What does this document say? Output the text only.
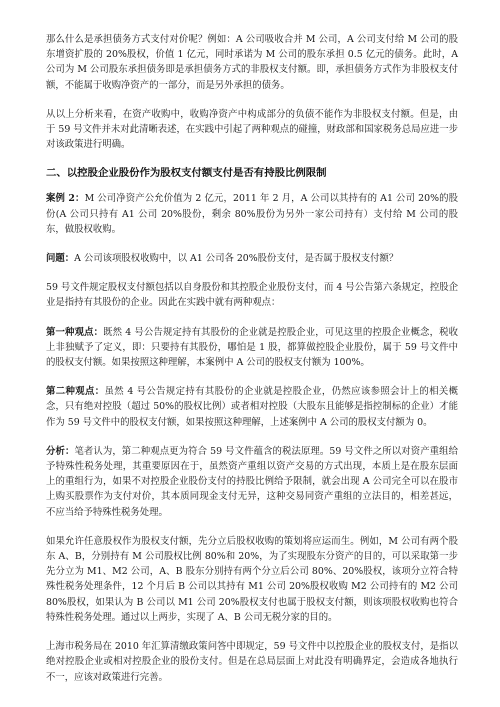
那么什么是承担债务方式支付对价呢？例如：A 公司吸收合并 M 公司，A 公司支付给 M 公司的股东增资扩股的 20%股权，价值 1 亿元，同时承诺为 M 公司的股东承担 0.5 亿元的债务。此时，A 公司为 M 公司股东承担债务即是承担债务方式的非股权支付额。即，承担债务方式作为非股权支付额，不能属于收购净资产的一部分，而是另外承担的债务。

从以上分析来看，在资产收购中，收购净资产中构成部分的负债不能作为非股权支付额。但是，由于 59 号文件并未对此清晰表述，在实践中引起了两种观点的碰撞，财政部和国家税务总局应进一步对该政策进行明确。

二、以控股企业股份作为股权支付额支付是否有持股比例限制

案例 2：M 公司净资产公允价值为 2 亿元，2011 年 2 月，A 公司以其持有的 A1 公司 20%的股份(A 公司只持有 A1 公司 20%股份，剩余 80%股份为另外一家公司持有）支付给 M 公司的股东，做股权收购。

问题：A 公司该项股权收购中，以 A1 公司各 20%股份支付，是否属于股权支付额？

59 号文件规定股权支付额包括以自身股份和其控股企业股份支付，而 4 号公告第六条规定，控股企业是指持有其股份的企业。因此在实践中就有两种观点：

第一种观点：既然 4 号公告规定持有其股份的企业就是控股企业，可见这里的控股企业概念，税收上非独赋予了定义，即：只要持有其股份，哪怕是 1 股，都算做控股企业股份，属于 59 号文件中的股权支付额。如果按照这种理解，本案例中 A 公司的股权支付额为 100%。

第二种观点：虽然 4 号公告规定持有其股份的企业就是控股企业，仍然应该参照会计上的相关概念，只有绝对控股（超过 50%的股权比例）或者相对控股（大股东且能够是指控制标的企业）才能作为 59 号文件中的股权支付额，如果按照这种理解，上述案例中 A 公司的股权支付额为 0。

分析：笔者认为，第二种观点更为符合 59 号文件蕴含的税法原理。59 号文件之所以对资产重组给予特殊性税务处理，其重要原因在于，虽然资产重组以资产交易的方式出现，本质上是在股东层面上的重组行为，如果不对控股企业股份支付的持股比例给予限制，就会出现 A 公司完全可以在股市上购买股票作为支付对价，其本质同现金支付无异，这种交易同资产重组的立法目的，相差甚远，不应当给予特殊性税务处理。

如果允许任意股权作为股权支付额，先分立后股权收购的策划将应运而生。例如，M 公司有两个股东 A、B，分别持有 M 公司股权比例 80%和 20%，为了实现股东分资产的目的，可以采取第一步先分立为 M1、M2 公司，A、B 股东分别持有两个分立后公司 80%、20%股权，该项分立符合特殊性税务处理条件，12 个月后 B 公司以其持有 M1 公司 20%股权收购 M2 公司持有的 M2 公司 80%股权，如果认为 B 公司以 M1 公司 20%股权支付也属于股权支付额，则该项股权收购也符合特殊性税务处理。通过以上两步，实现了 A、B 公司无税分家的目的。

上海市税务局在 2010 年汇算清缴政策问答中即规定，59 号文件中以控股企业的股权支付，是指以绝对控股企业或相对控股企业的股份支付。但是在总局层面上对此没有明确界定，会造成各地执行不一，应该对政策进行完善。
